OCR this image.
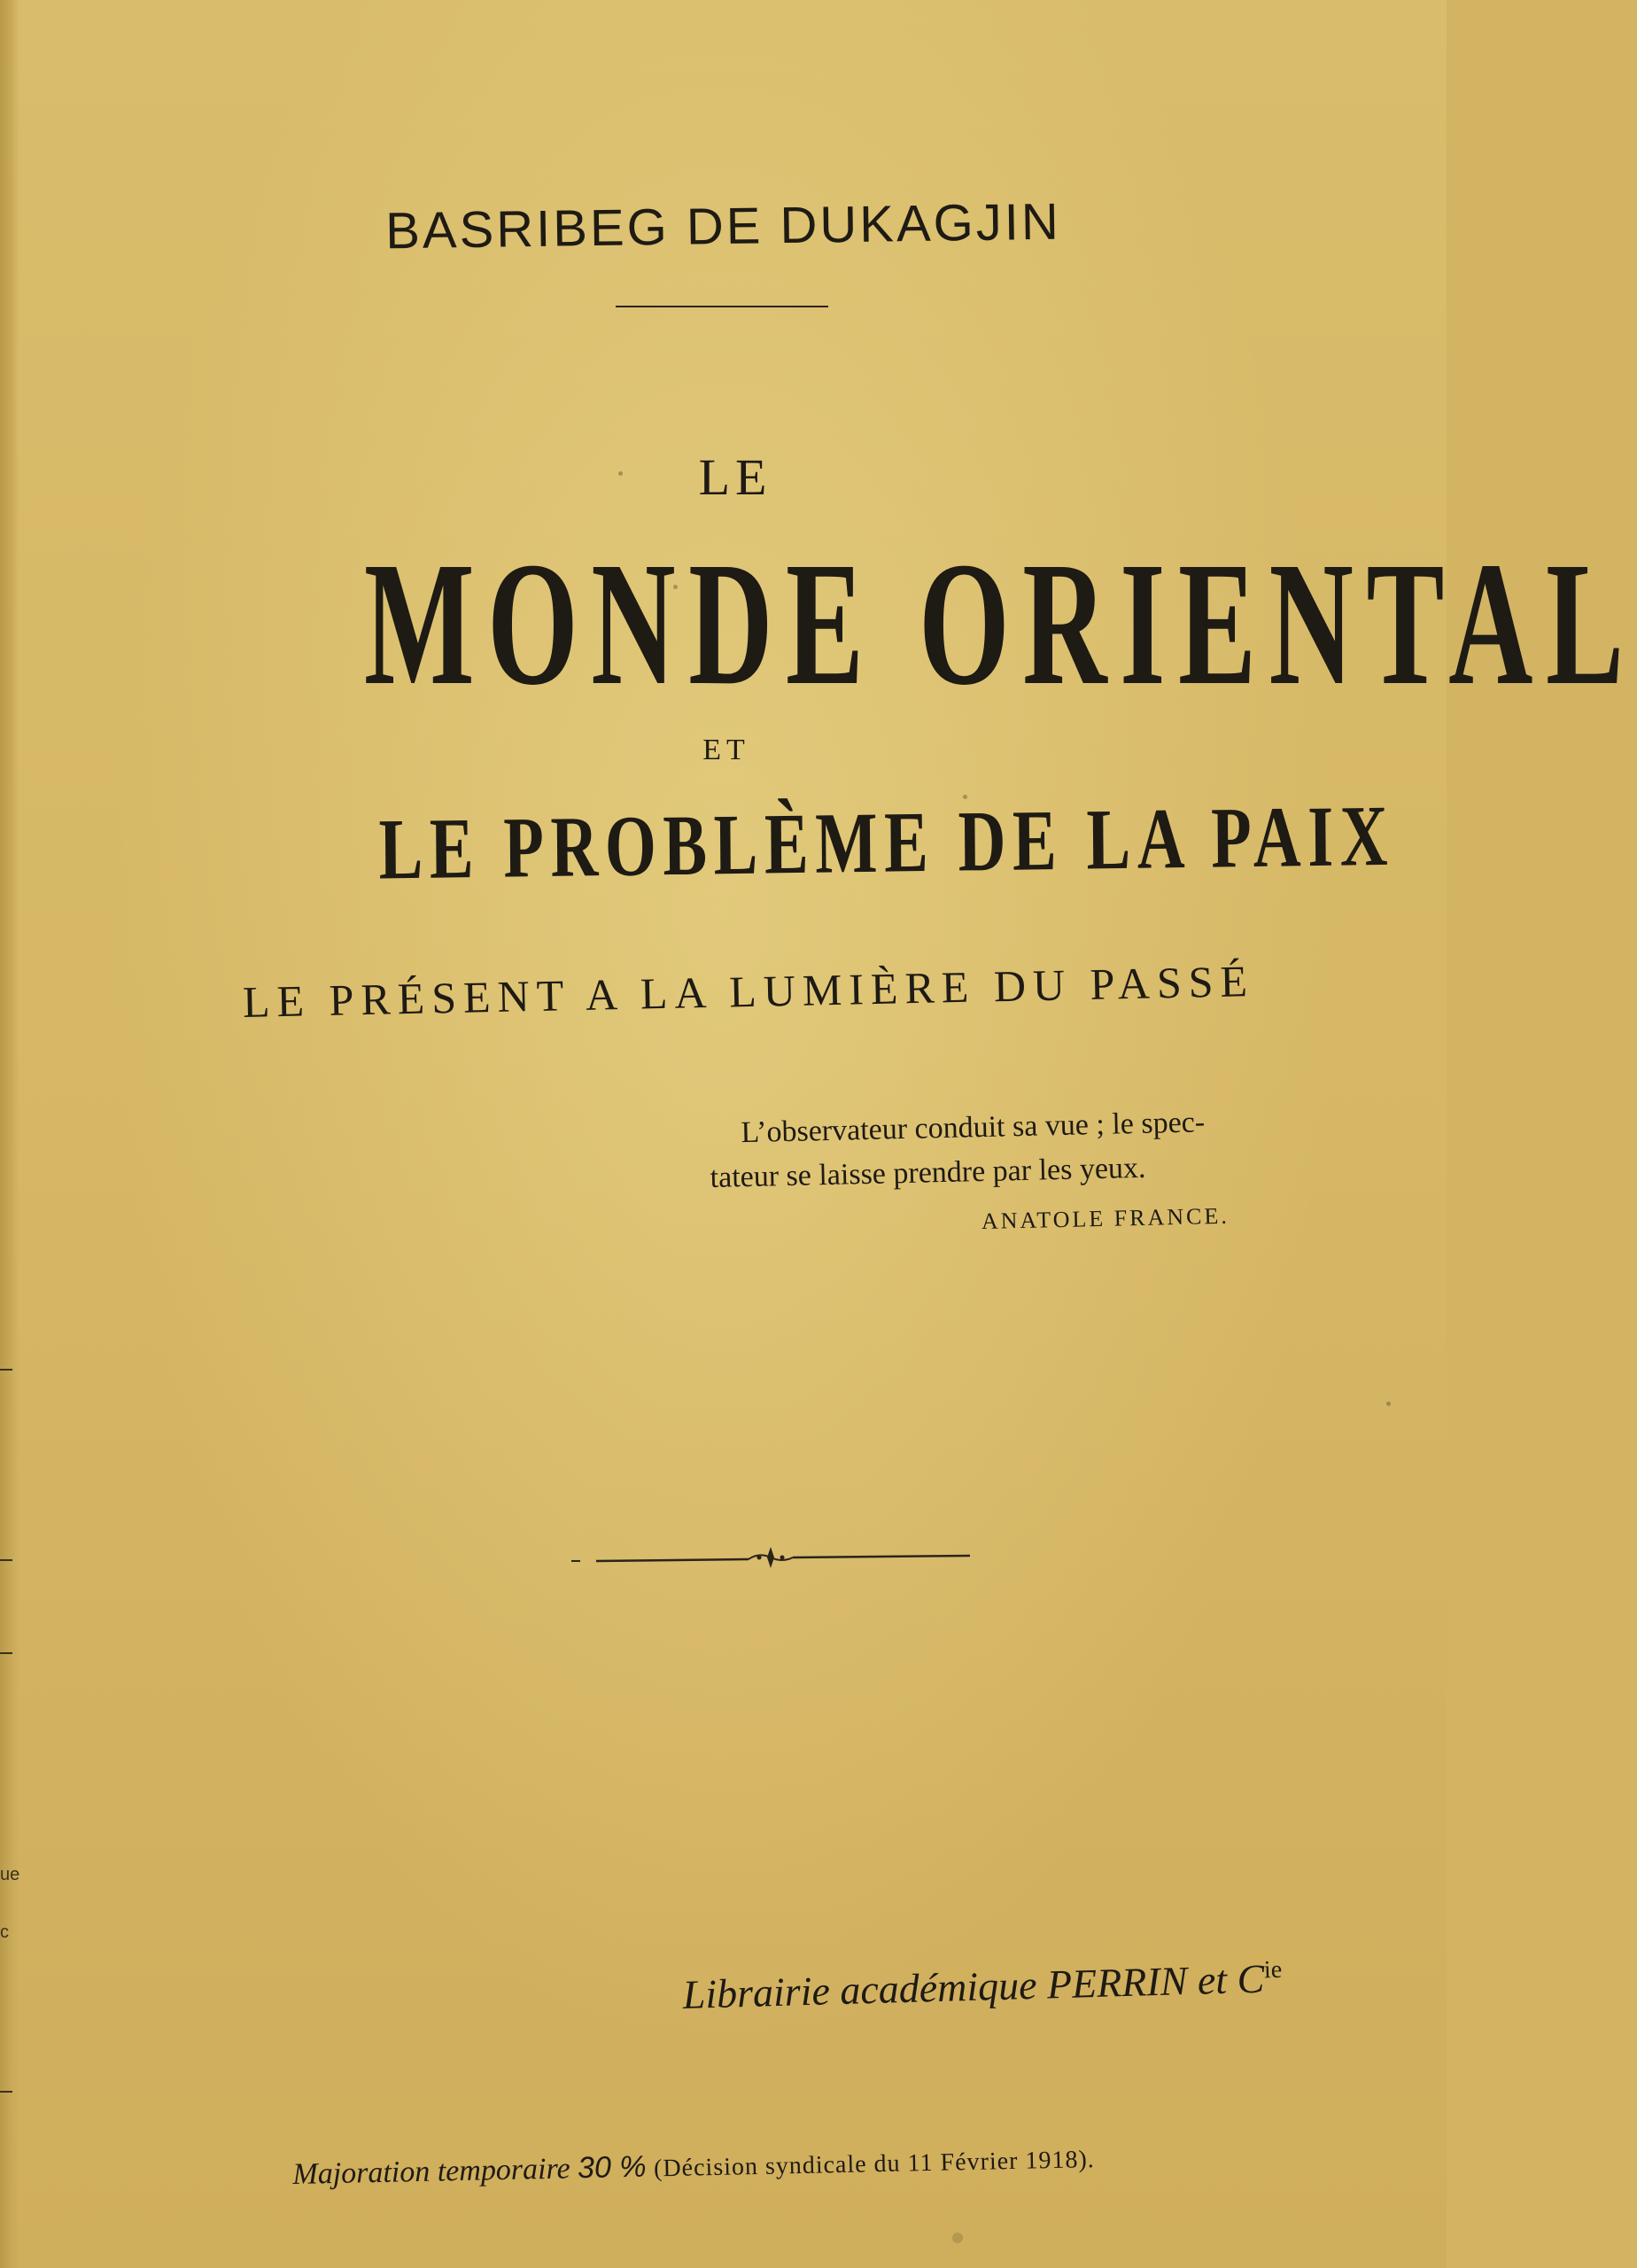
ue
c
BASRIBEG DE DUKAGJIN
LE
MONDE ORIENTAL
ET
LE PROBLÈME DE LA PAIX
LE PRÉSENT A LA LUMIÈRE DU PASSÉ
L’observateur conduit sa vue ; le spec-
tateur se laisse prendre par les yeux.
ANATOLE FRANCE.
Librairie académique PERRIN et $C^{ie}$
Majoration temporaire 30 % (Décision syndicale du 11 Février 1918).
